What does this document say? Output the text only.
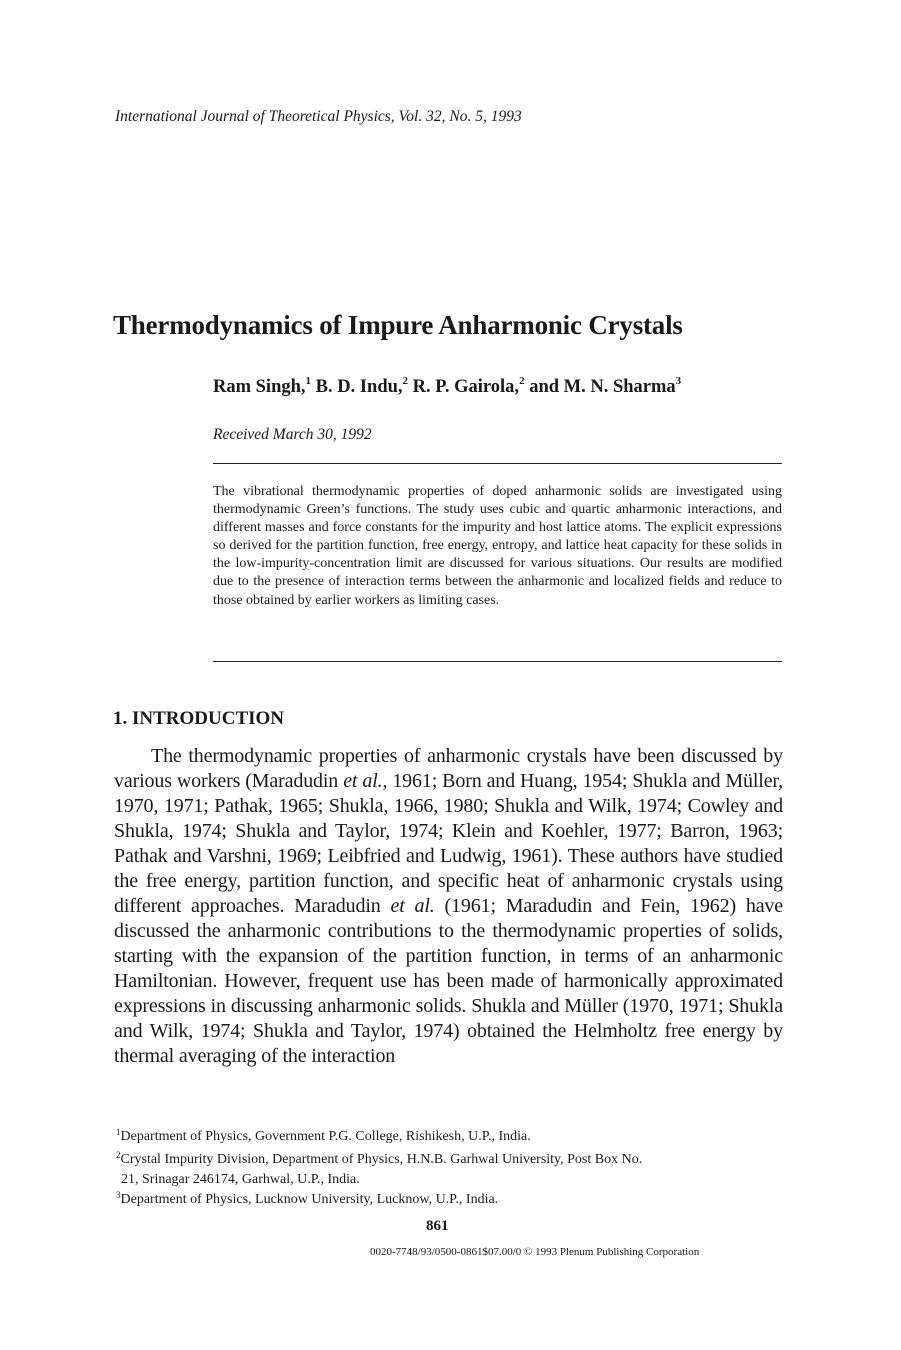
International Journal of Theoretical Physics, Vol. 32, No. 5, 1993
Thermodynamics of Impure Anharmonic Crystals
Ram Singh,$^1$ B. D. Indu,$^2$ R. P. Gairola,$^2$ and M. N. Sharma$^3$
Received March 30, 1992
The vibrational thermodynamic properties of doped anharmonic solids are investigated using thermodynamic Green’s functions. The study uses cubic and quartic anharmonic interactions, and different masses and force constants for the impurity and host lattice atoms. The explicit expressions so derived for the partition function, free energy, entropy, and lattice heat capacity for these solids in the low-impurity-concentration limit are discussed for various situations. Our results are modified due to the presence of interaction terms between the anharmonic and localized fields and reduce to those obtained by earlier workers as limiting cases.
1. INTRODUCTION

The thermodynamic properties of anharmonic crystals have been discussed by various workers (Maradudin et al., 1961; Born and Huang, 1954; Shukla and Müller, 1970, 1971; Pathak, 1965; Shukla, 1966, 1980; Shukla and Wilk, 1974; Cowley and Shukla, 1974; Shukla and Taylor, 1974; Klein and Koehler, 1977; Barron, 1963; Pathak and Varshni, 1969; Leibfried and Ludwig, 1961). These authors have studied the free energy, partition function, and specific heat of anharmonic crystals using different approaches. Maradudin et al. (1961; Maradudin and Fein, 1962) have discussed the anharmonic contributions to the thermodynamic properties of solids, starting with the expansion of the partition function, in terms of an anharmonic Hamiltonian. However, frequent use has been made of harmonically approximated expressions in discussing anharmonic solids. Shukla and Müller (1970, 1971; Shukla and Wilk, 1974; Shukla and Taylor, 1974) obtained the Helmholtz free energy by thermal averaging of the interaction

$^1$Department of Physics, Government P.G. College, Rishikesh, U.P., India.
$^2$Crystal Impurity Division, Department of Physics, H.N.B. Garhwal University, Post Box No.
21, Srinagar 246174, Garhwal, U.P., India.
$^3$Department of Physics, Lucknow University, Lucknow, U.P., India.
861
0020-7748/93/0500-0861$07.00/0 © 1993 Plenum Publishing Corporation
